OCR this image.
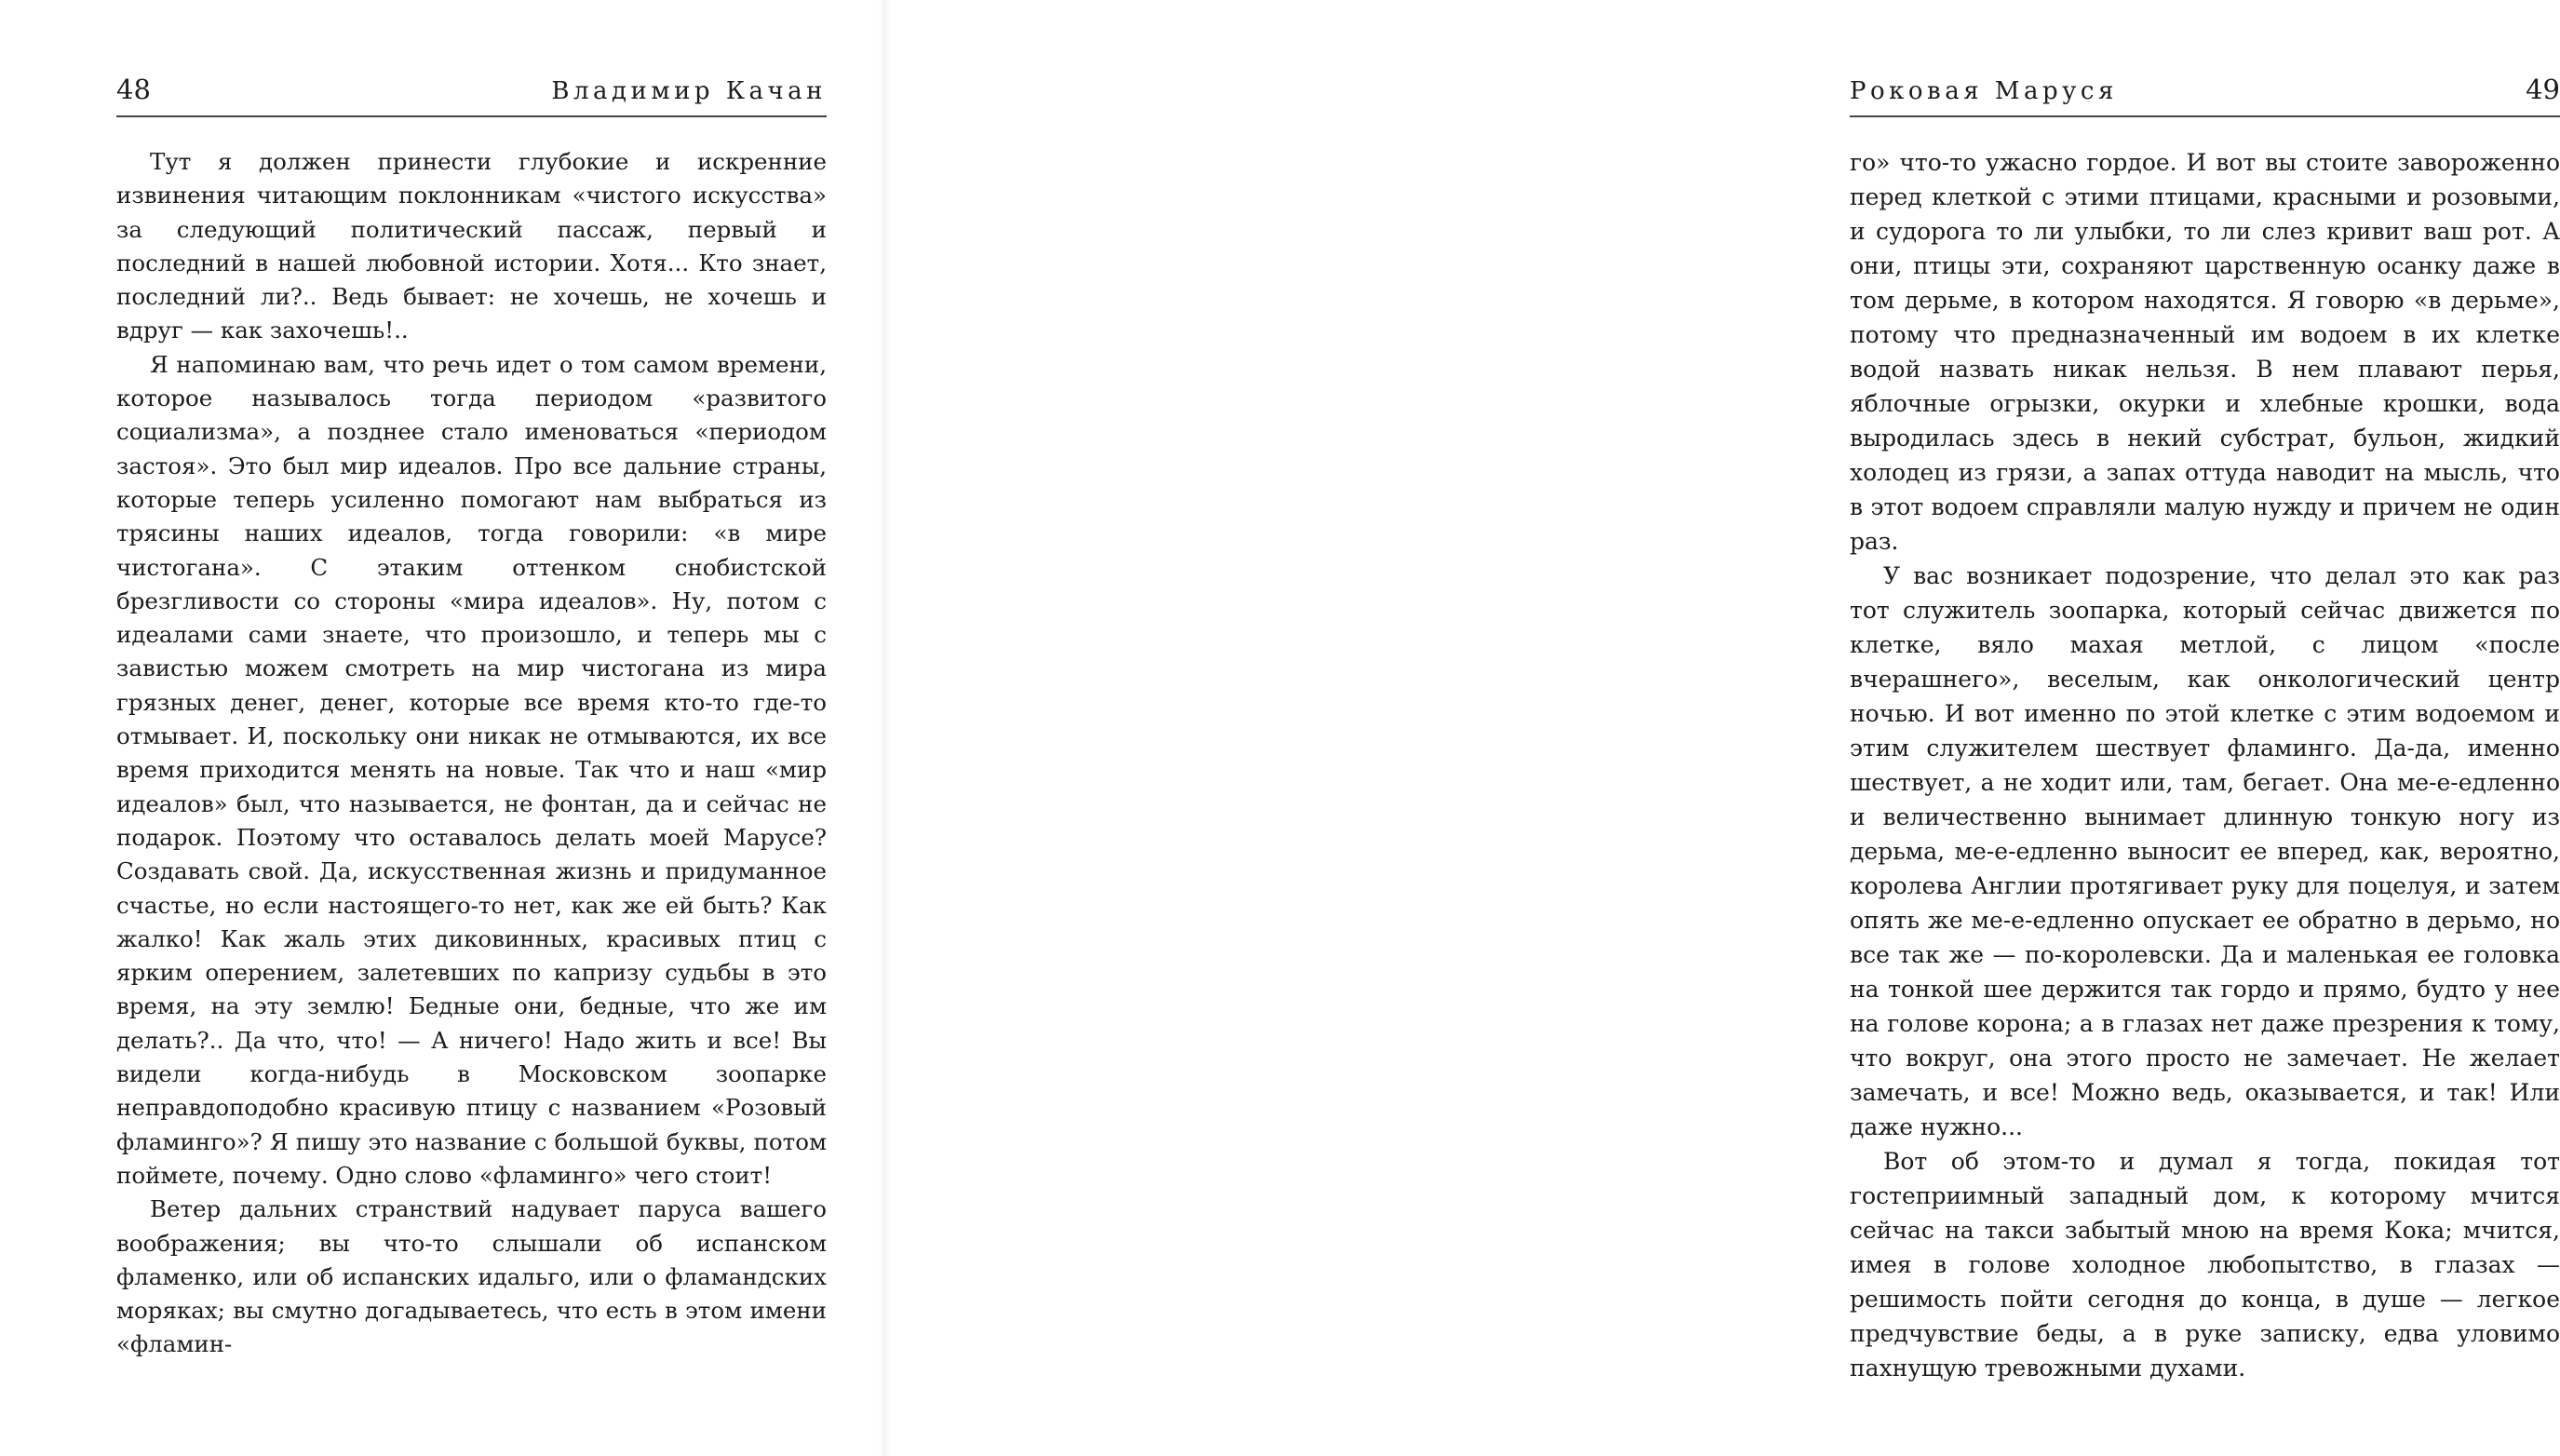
48	Владимир Качан

Тут я должен принести глубокие и искренние извинения читающим поклонникам «чистого искусства» за следующий политический пассаж, первый и последний в нашей любовной истории. Хотя... Кто знает, последний ли?.. Ведь бывает: не хочешь, не хочешь и вдруг — как захочешь!..

Я напоминаю вам, что речь идет о том самом времени, которое называлось тогда периодом «развитого социализма», а позднее стало именоваться «периодом застоя». Это был мир идеалов. Про все дальние страны, которые теперь усиленно помогают нам выбраться из трясины наших идеалов, тогда говорили: «в мире чистогана». С этаким оттенком снобистской брезгливости со стороны «мира идеалов». Ну, потом с идеалами сами знаете, что произошло, и теперь мы с завистью можем смотреть на мир чистогана из мира грязных денег, денег, которые все время кто-то где-то отмывает. И, поскольку они никак не отмываются, их все время приходится менять на новые. Так что и наш «мир идеалов» был, что называется, не фонтан, да и сейчас не подарок. Поэтому что оставалось делать моей Марусе? Создавать свой. Да, искусственная жизнь и придуманное счастье, но если настоящего-то нет, как же ей быть? Как жалко! Как жаль этих диковинных, красивых птиц с ярким оперением, залетевших по капризу судьбы в это время, на эту землю! Бедные они, бедные, что же им делать?.. Да что, что! — А ничего! Надо жить и все! Вы видели когда-нибудь в Московском зоопарке неправдоподобно красивую птицу с названием «Розовый фламинго»? Я пишу это название с большой буквы, потом поймете, почему. Одно слово «фламинго» чего стоит!

Ветер дальних странствий надувает паруса вашего воображения; вы что-то слышали об испанском фламенко, или об испанских идальго, или о фламандских моряках; вы смутно догадываетесь, что есть в этом имени «фламин-

Роковая Маруся	49

го» что-то ужасно гордое. И вот вы стоите завороженно перед клеткой с этими птицами, красными и розовыми, и судорога то ли улыбки, то ли слез кривит ваш рот. А они, птицы эти, сохраняют царственную осанку даже в том дерьме, в котором находятся. Я говорю «в дерьме», потому что предназначенный им водоем в их клетке водой назвать никак нельзя. В нем плавают перья, яблочные огрызки, окурки и хлебные крошки, вода выродилась здесь в некий субстрат, бульон, жидкий холодец из грязи, а запах оттуда наводит на мысль, что в этот водоем справляли малую нужду и причем не один раз.

У вас возникает подозрение, что делал это как раз тот служитель зоопарка, который сейчас движется по клетке, вяло махая метлой, с лицом «после вчерашнего», веселым, как онкологический центр ночью. И вот именно по этой клетке с этим водоемом и этим служителем шествует фламинго. Да-да, именно шествует, а не ходит или, там, бегает. Она ме-е-едленно и величественно вынимает длинную тонкую ногу из дерьма, ме-е-едленно выносит ее вперед, как, вероятно, королева Англии протягивает руку для поцелуя, и затем опять же ме-е-едленно опускает ее обратно в дерьмо, но все так же — по-королевски. Да и маленькая ее головка на тонкой шее держится так гордо и прямо, будто у нее на голове корона; а в глазах нет даже презрения к тому, что вокруг, она этого просто не замечает. Не желает замечать, и все! Можно ведь, оказывается, и так! Или даже нужно...

Вот об этом-то и думал я тогда, покидая тот гостеприимный западный дом, к которому мчится сейчас на такси забытый мною на время Кока; мчится, имея в голове холодное любопытство, в глазах — решимость пойти сегодня до конца, в душе — легкое предчувствие беды, а в руке записку, едва уловимо пахнущую тревожными духами.
